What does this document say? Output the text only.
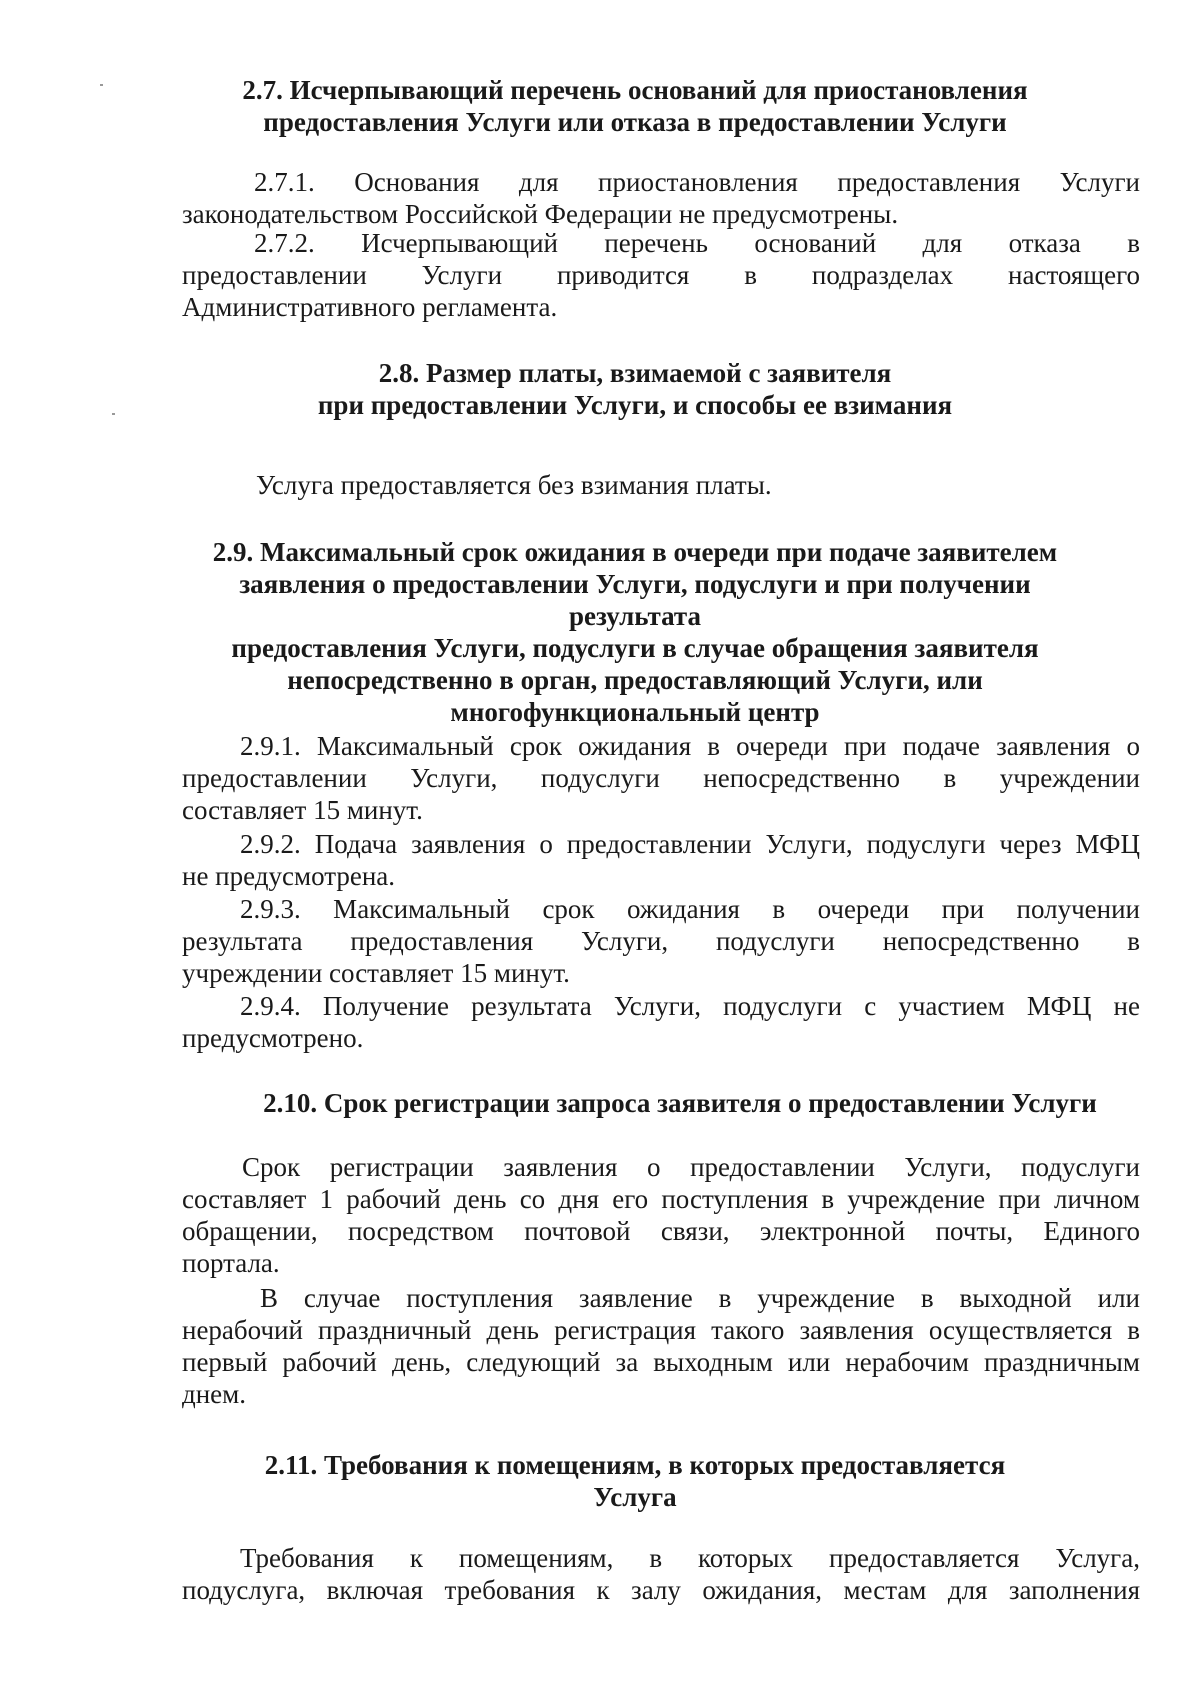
2.7. Исчерпывающий перечень оснований для приостановления
предоставления Услуги или отказа в предоставлении Услуги

2.7.1. Основания для приостановления предоставления Услуги
законодательством Российской Федерации не предусмотрены.

2.7.2. Исчерпывающий перечень оснований для отказа в
предоставлении Услуги приводится в подразделах настоящего
Административного регламента.

2.8. Размер платы, взимаемой с заявителя
при предоставлении Услуги, и способы ее взимания

Услуга предоставляется без взимания платы.

2.9. Максимальный срок ожидания в очереди при подаче заявителем
заявления о предоставлении Услуги, подуслуги и при получении результата
предоставления Услуги, подуслуги в случае обращения заявителя
непосредственно в орган, предоставляющий Услуги, или
многофункциональный центр

2.9.1. Максимальный срок ожидания в очереди при подаче заявления о
предоставлении Услуги, подуслуги непосредственно в учреждении
составляет 15 минут.

2.9.2. Подача заявления о предоставлении Услуги, подуслуги через МФЦ
не предусмотрена.

2.9.3. Максимальный срок ожидания в очереди при получении
результата предоставления Услуги, подуслуги непосредственно в
учреждении составляет 15 минут.

2.9.4. Получение результата Услуги, подуслуги с участием МФЦ не
предусмотрено.

2.10. Срок регистрации запроса заявителя о предоставлении Услуги

Срок регистрации заявления о предоставлении Услуги, подуслуги
составляет 1 рабочий день со дня его поступления в учреждение при личном
обращении, посредством почтовой связи, электронной почты, Единого
портала.

В случае поступления заявление в учреждение в выходной или
нерабочий праздничный день регистрация такого заявления осуществляется в
первый рабочий день, следующий за выходным или нерабочим праздничным
днем.

2.11. Требования к помещениям, в которых предоставляется
Услуга

Требования к помещениям, в которых предоставляется Услуга,
подуслуга, включая требования к залу ожидания, местам для заполнения
